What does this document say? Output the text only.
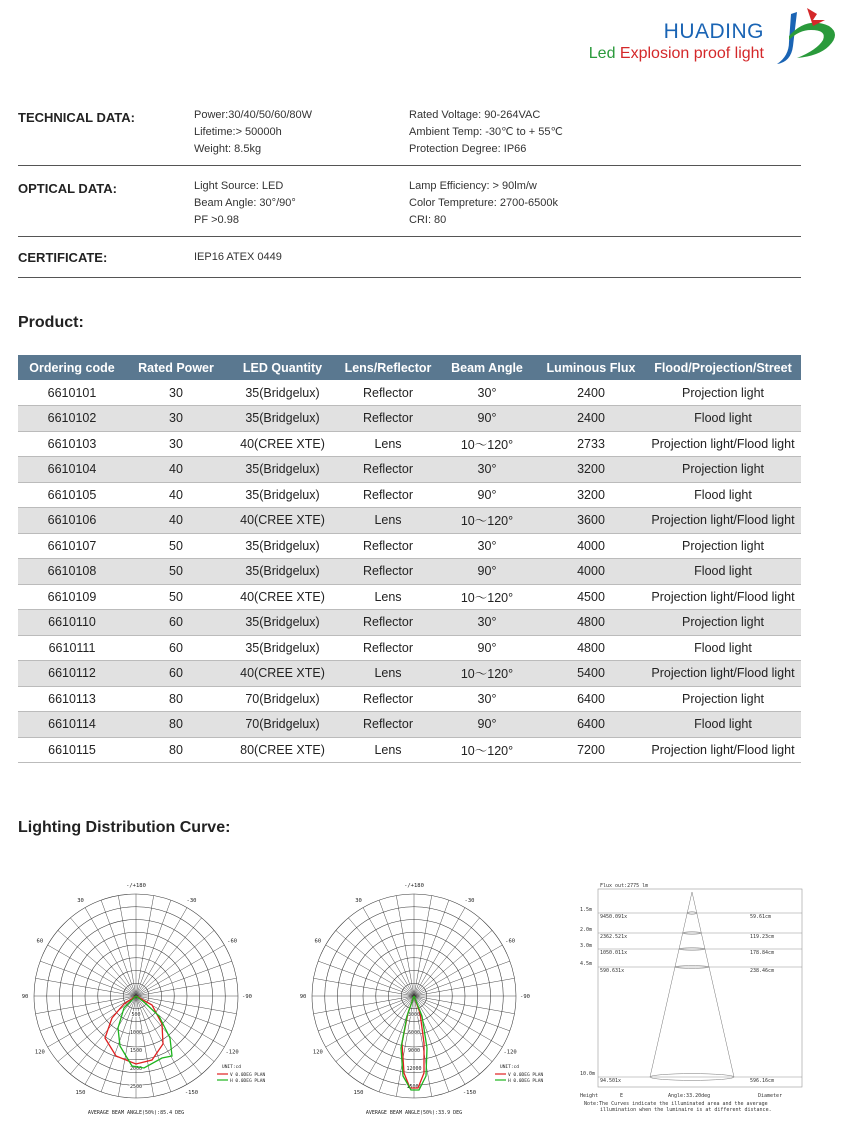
HUADING
Led Explosion proof light
TECHNICAL DATA:	Power:30/40/50/60/80W
Lifetime:> 50000h
Weight: 8.5kg
Rated Voltage: 90-264VAC
Ambient Temp: -30℃ to + 55℃
Protection Degree: IP66
OPTICAL DATA:	Light Source: LED
Beam Angle: 30°/90°
PF >0.98
Lamp Efficiency: > 90lm/w
Color Tempreture: 2700-6500k
CRI: 80
CERTIFICATE:	IEP16 ATEX 0449
Product:
Ordering code	Rated Power	LED Quantity	Lens/Reflector	Beam Angle	Luminous Flux	Flood/Projection/Street
6610101	30	35(Bridgelux)	Reflector	30°	2400	Projection light
6610102	30	35(Bridgelux)	Reflector	90°	2400	Flood light
6610103	30	40(CREE XTE)	Lens	10～120°	2733	Projection light/Flood light
6610104	40	35(Bridgelux)	Reflector	30°	3200	Projection light
6610105	40	35(Bridgelux)	Reflector	90°	3200	Flood light
6610106	40	40(CREE XTE)	Lens	10～120°	3600	Projection light/Flood light
6610107	50	35(Bridgelux)	Reflector	30°	4000	Projection light
6610108	50	35(Bridgelux)	Reflector	90°	4000	Flood light
6610109	50	40(CREE XTE)	Lens	10～120°	4500	Projection light/Flood light
6610110	60	35(Bridgelux)	Reflector	30°	4800	Projection light
6610111	60	35(Bridgelux)	Reflector	90°	4800	Flood light
6610112	60	40(CREE XTE)	Lens	10～120°	5400	Projection light/Flood light
6610113	80	70(Bridgelux)	Reflector	30°	6400	Projection light
6610114	80	70(Bridgelux)	Reflector	90°	6400	Flood light
6610115	80	80(CREE XTE)	Lens	10～120°	7200	Projection light/Flood light
Lighting Distribution Curve:
-/+180
150
120
90
60
30	-30
-60
-90
-120
-150
500
1000
1500
2000
2500
UNIT:cd
V 0.0DEG PLAN
H 0.0DEG PLAN
AVERAGE BEAM ANGLE(50%):85.4 DEG
-/+180
150
120
90
60
30	-30
-60
-90
-120
-150
3000
6000
9000
12000
15000
UNIT:cd
V 0.0DEG PLAN
H 0.0DEG PLAN
AVERAGE BEAM ANGLE(50%):33.9 DEG
Flux out:2775 lm
1.5m
9450.091x	59.61cm
2.0m
2362.521x	119.23cm
3.0m
1050.011x	178.84cm
4.5m
590.631x	238.46cm
10.0m
94.501x	596.16cm
Height	E	Angle:33.20deg	Diameter
Note:The Curves indicate the illuminated area and the average
illumination when the luminaire is at different distance.
